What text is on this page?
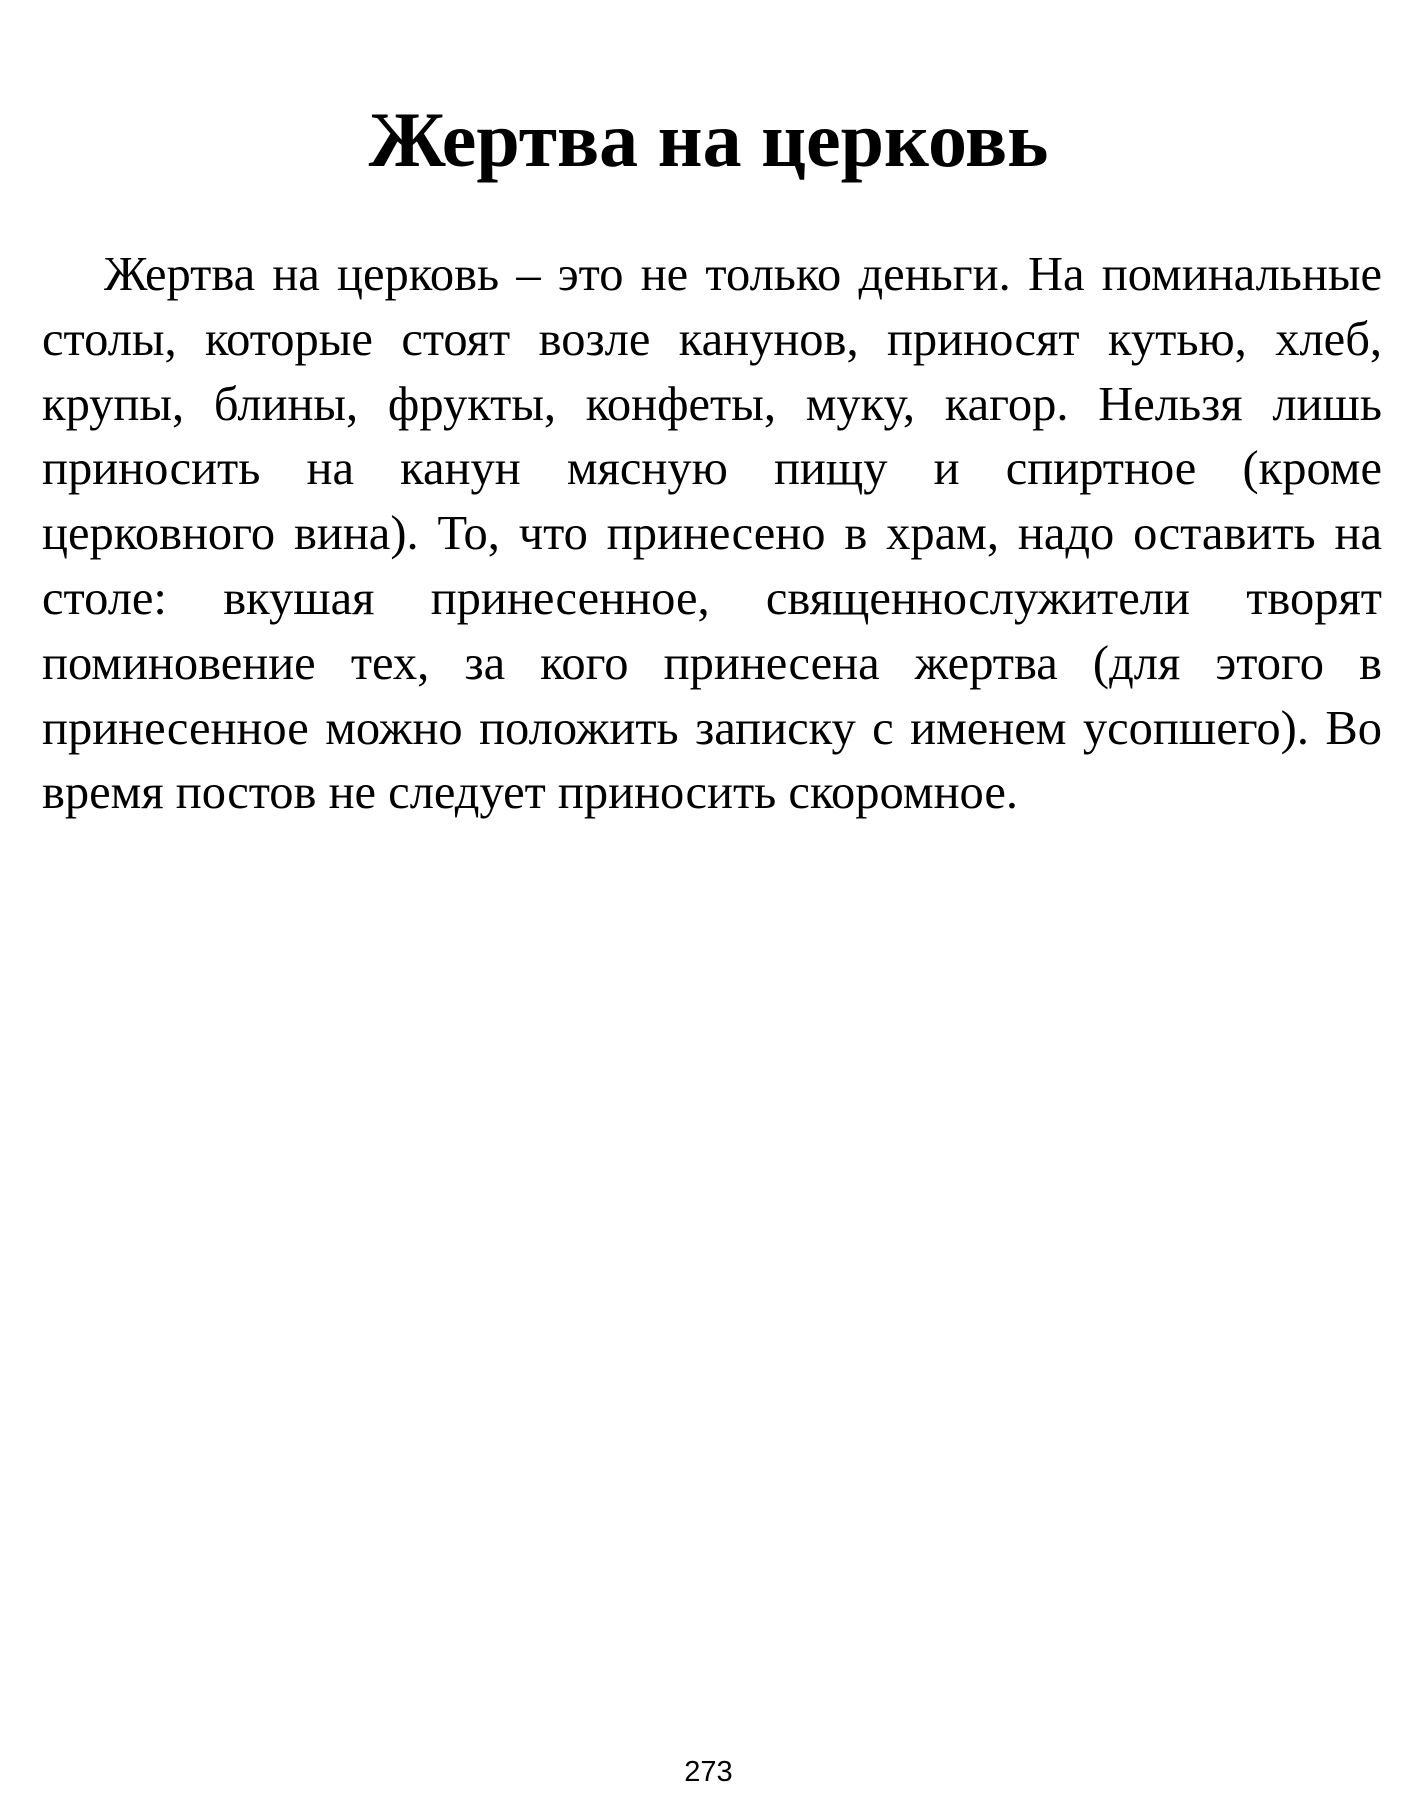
Жертва на церковь

Жертва на церковь – это не только деньги. На поминальные столы, которые стоят возле канунов, приносят кутью, хлеб, крупы, блины, фрукты, конфеты, муку, кагор. Нельзя лишь приносить на канун мясную пищу и спиртное (кроме церковного вина). То, что принесено в храм, надо оставить на столе: вкушая принесенное, священнослужители творят поминовение тех, за кого принесена жертва (для этого в принесенное можно положить записку с именем усопшего). Во время постов не следует приносить скоромное.

273
